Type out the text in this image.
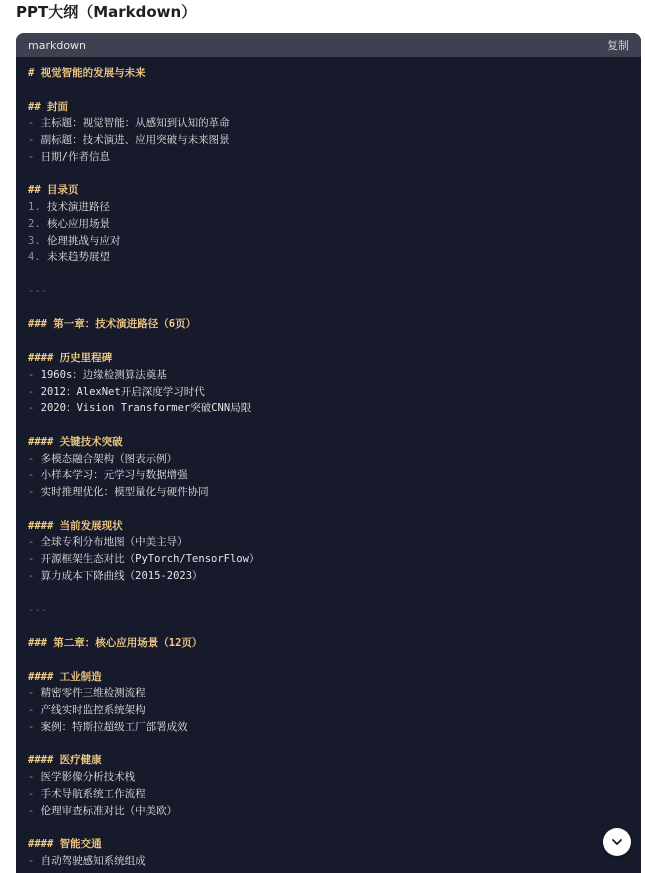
PPT大纲（Markdown）
markdown	复制
# 视觉智能的发展与未来
## 封面
- 主标题：视觉智能：从感知到认知的革命
- 副标题：技术演进、应用突破与未来图景
- 日期/作者信息
## 目录页
1. 技术演进路径
2. 核心应用场景
3. 伦理挑战与应对
4. 未来趋势展望
---
### 第一章：技术演进路径（6页）
#### 历史里程碑
- 1960s：边缘检测算法奠基
- 2012：AlexNet开启深度学习时代
- 2020：Vision Transformer突破CNN局限
#### 关键技术突破
- 多模态融合架构（图表示例）
- 小样本学习：元学习与数据增强
- 实时推理优化：模型量化与硬件协同
#### 当前发展现状
- 全球专利分布地图（中美主导）
- 开源框架生态对比（PyTorch/TensorFlow）
- 算力成本下降曲线（2015-2023）
---
### 第二章：核心应用场景（12页）
#### 工业制造
- 精密零件三维检测流程
- 产线实时监控系统架构
- 案例：特斯拉超级工厂部署成效
#### 医疗健康
- 医学影像分析技术栈
- 手术导航系统工作流程
- 伦理审查标准对比（中美欧）
#### 智能交通
- 自动驾驶感知系统组成
